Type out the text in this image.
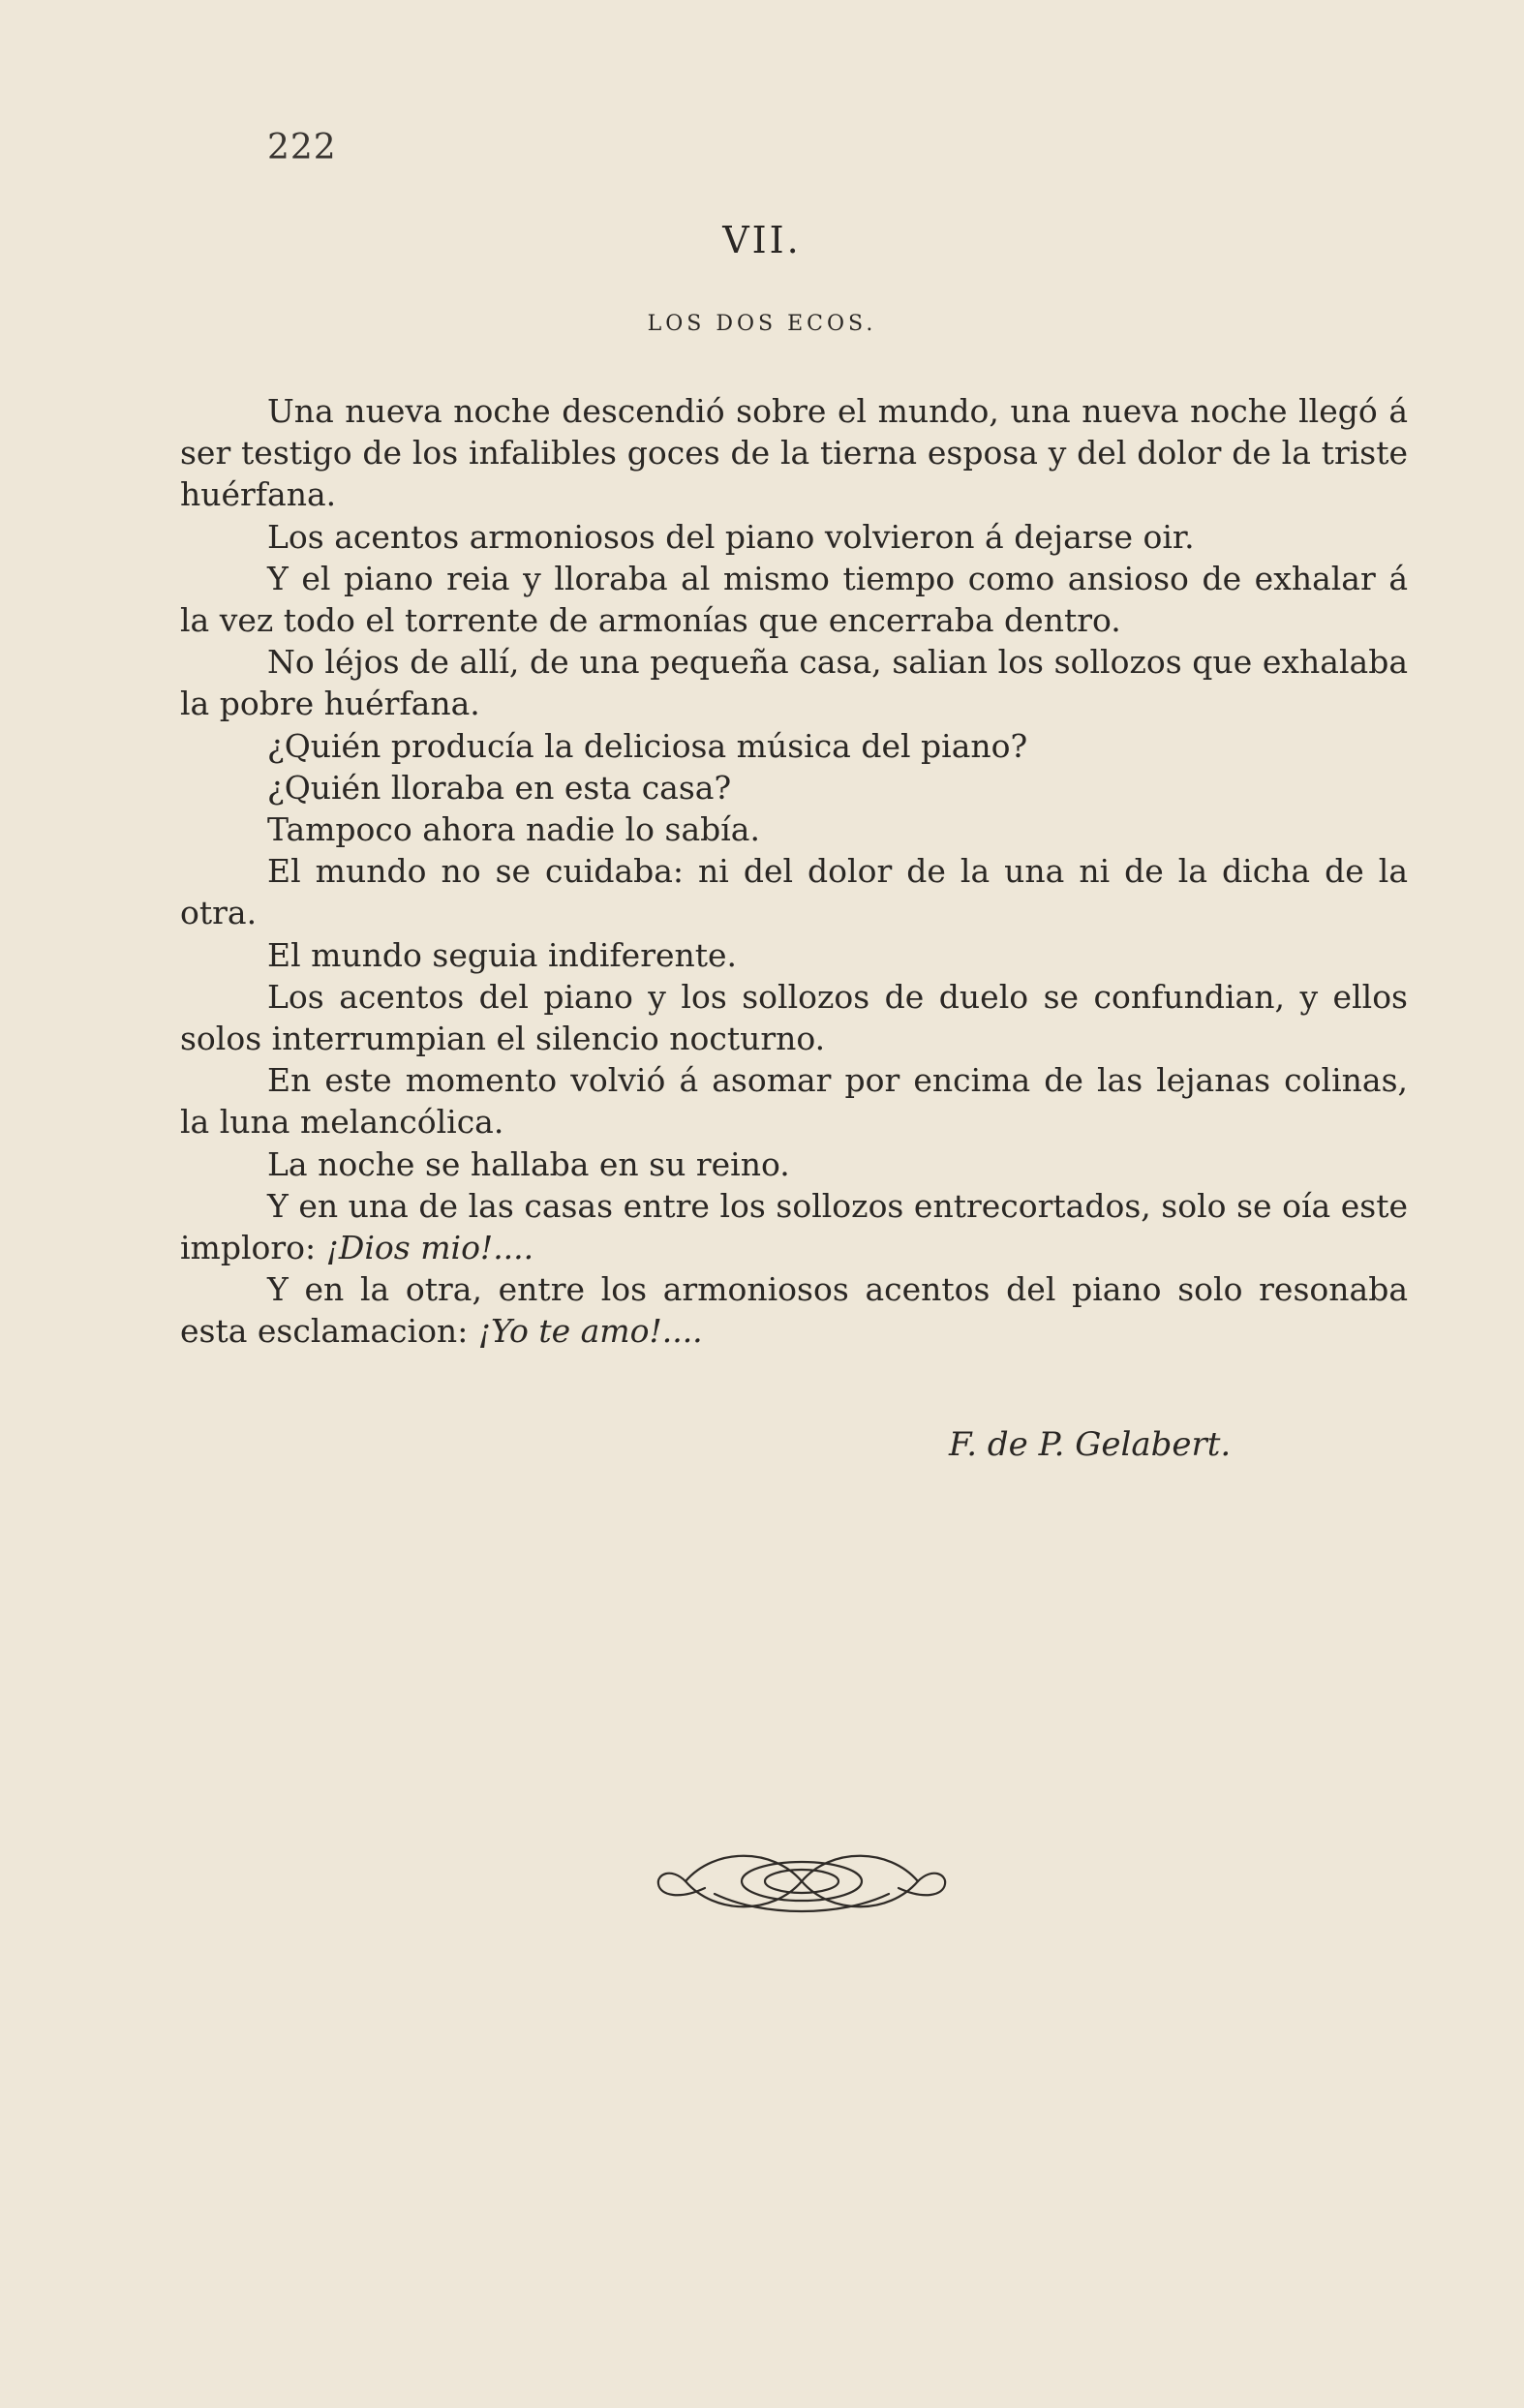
222
VII.
LOS DOS ECOS.

Una nueva noche descendió sobre el mundo, una nueva noche llegó á ser testigo de los infalibles goces de la tierna esposa y del dolor de la triste huérfana.

Los acentos armoniosos del piano volvieron á dejarse oir.

Y el piano reia y lloraba al mismo tiempo como ansioso de exhalar á la vez todo el torrente de armonías que encerraba dentro.

No léjos de allí, de una pequeña casa, salian los sollozos que exhalaba la pobre huérfana.

¿Quién producía la deliciosa música del piano?

¿Quién lloraba en esta casa?

Tampoco ahora nadie lo sabía.

El mundo no se cuidaba: ni del dolor de la una ni de la dicha de la otra.

El mundo seguia indiferente.

Los acentos del piano y los sollozos de duelo se confundian, y ellos solos interrumpian el silencio nocturno.

En este momento volvió á asomar por encima de las lejanas colinas, la luna melancólica.

La noche se hallaba en su reino.

Y en una de las casas entre los sollozos entrecortados, solo se oía este imploro: ¡Dios mio!....

Y en la otra, entre los armoniosos acentos del piano solo resonaba esta esclamacion: ¡Yo te amo!....

F. de P. Gelabert.
